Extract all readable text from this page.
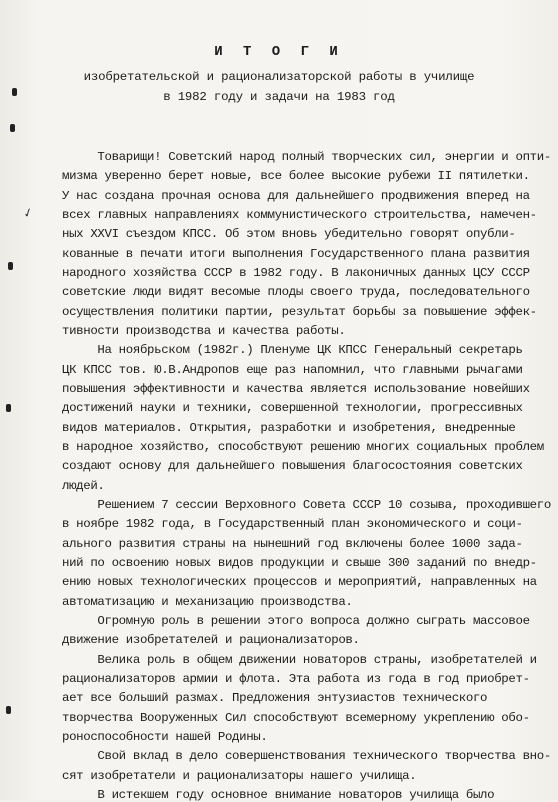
✓
И Т О Г И
изобретательской и рационализаторской работы в училище
в 1982 году и задачи на 1983 год
Товарищи! Советский народ полный творческих сил, энергии и опти-
мизма уверенно берет новые, все более высокие рубежи II пятилетки.
У нас создана прочная основа для дальнейшего продвижения вперед на
всех главных направлениях коммунистического строительства, намечен-
ных XXVI съездом КПСС. Об этом вновь убедительно говорят опубли-
кованные в печати итоги выполнения Государственного плана развития
народного хозяйства СССР в 1982 году. В лаконичных данных ЦСУ СССР
советские люди видят весомые плоды своего труда, последовательного
осуществления политики партии, результат борьбы за повышение эффек-
тивности производства и качества работы.
На ноябрьском (1982г.) Пленуме ЦК КПСС Генеральный секретарь
ЦК КПСС тов. Ю.В.Андропов еще раз напомнил, что главными рычагами
повышения эффективности и качества является использование новейших
достижений науки и техники, совершенной технологии, прогрессивных
видов материалов. Открытия, разработки и изобретения, внедренные
в народное хозяйство, способствуют решению многих социальных проблем
создают основу для дальнейшего повышения благосостояния советских
людей.
Решением 7 сессии Верховного Совета СССР 10 созыва, проходившего
в ноябре 1982 года, в Государственный план экономического и соци-
ального развития страны на нынешний год включены более 1000 зада-
ний по освоению новых видов продукции и свыше 300 заданий по внедр-
ению новых технологических процессов и мероприятий, направленных на
автоматизацию и механизацию производства.
Огромную роль в решении этого вопроса должно сыграть массовое
движение изобретателей и рационализаторов.
Велика роль в общем движении новаторов страны, изобретателей и
рационализаторов армии и флота. Эта работа из года в год приобрет-
ает все больший размах. Предложения энтузиастов технического
творчества Вооруженных Сил способствуют всемерному укреплению обо-
роноспособности нашей Родины.
Свой вклад в дело совершенствования технического творчества вно-
сят изобретатели и рационализаторы нашего училища.
В истекшем году основное внимание новаторов училища было
